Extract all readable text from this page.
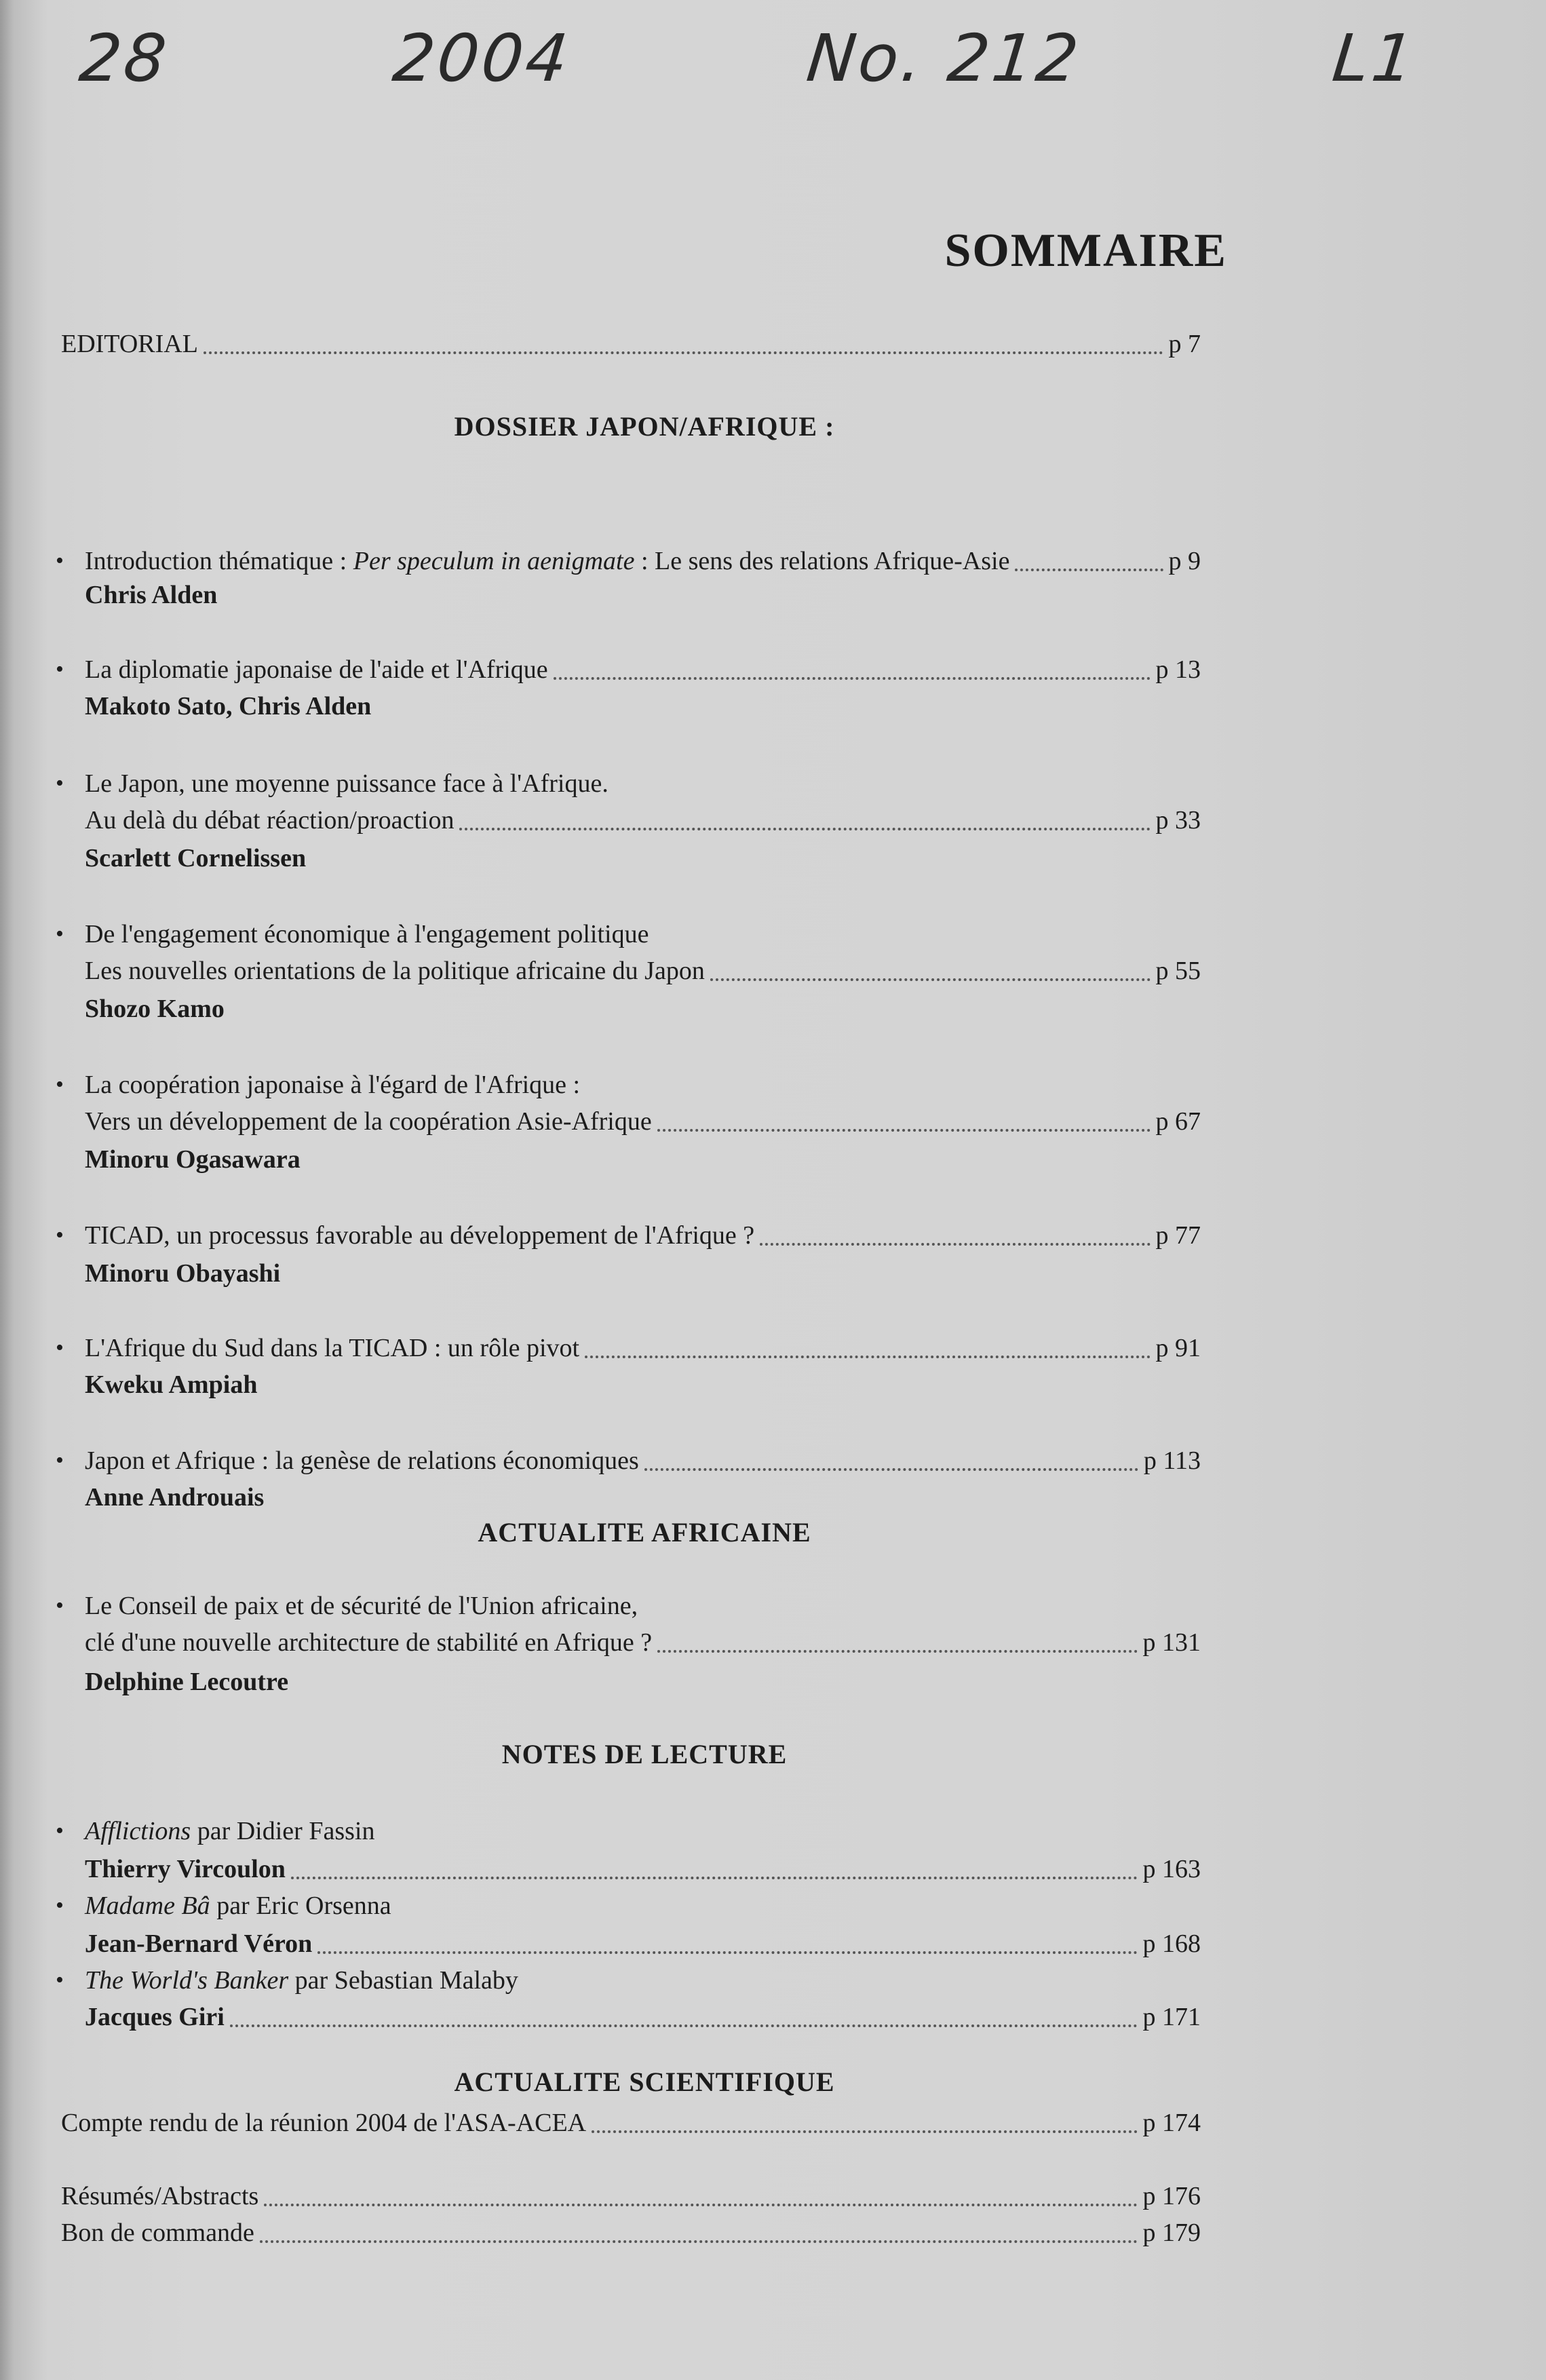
28	2004	No. 212	L1
SOMMAIRE
EDITORIAL	p 7
DOSSIER JAPON/AFRIQUE :
• Introduction thématique : Per speculum in aenigmate : Le sens des relations Afrique-Asie	p 9
Chris Alden
• La diplomatie japonaise de l'aide et l'Afrique	p 13
Makoto Sato, Chris Alden
• Le Japon, une moyenne puissance face à l'Afrique.
Au delà du débat réaction/proaction	p 33
Scarlett Cornelissen
• De l'engagement économique à l'engagement politique
Les nouvelles orientations de la politique africaine du Japon	p 55
Shozo Kamo
• La coopération japonaise à l'égard de l'Afrique :
Vers un développement de la coopération Asie-Afrique	p 67
Minoru Ogasawara
• TICAD, un processus favorable au développement de l'Afrique ?	p 77
Minoru Obayashi
• L'Afrique du Sud dans la TICAD : un rôle pivot	p 91
Kweku Ampiah
• Japon et Afrique : la genèse de relations économiques	p 113
Anne Androuais
ACTUALITE AFRICAINE
• Le Conseil de paix et de sécurité de l'Union africaine,
clé d'une nouvelle architecture de stabilité en Afrique ?	p 131
Delphine Lecoutre
NOTES DE LECTURE
• Afflictions par Didier Fassin
Thierry Vircoulon	p 163
• Madame Bâ par Eric Orsenna
Jean-Bernard Véron	p 168
• The World's Banker par Sebastian Malaby
Jacques Giri	p 171
ACTUALITE SCIENTIFIQUE
Compte rendu de la réunion 2004 de l'ASA-ACEA	p 174
Résumés/Abstracts	p 176
Bon de commande	p 179
